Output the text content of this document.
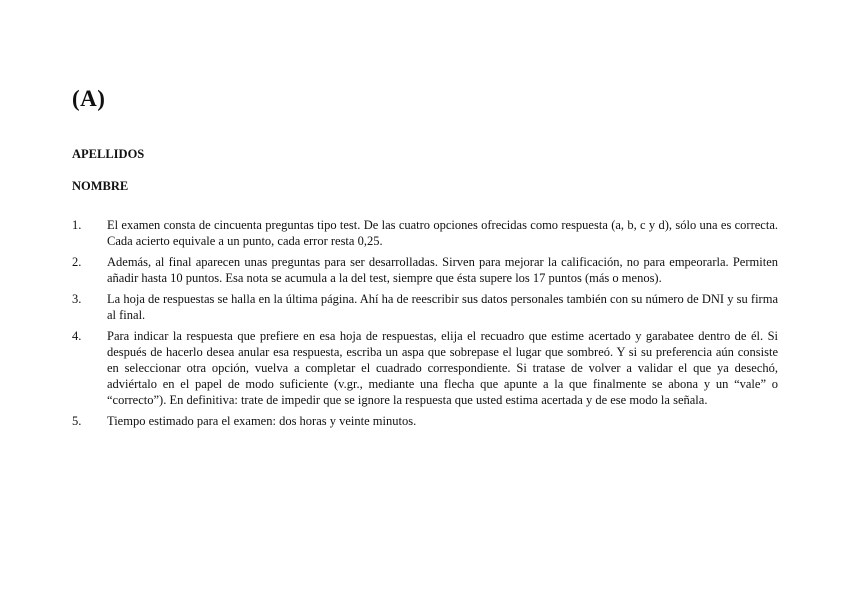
(A)
APELLIDOS
NOMBRE
1.	El examen consta de cincuenta preguntas tipo test. De las cuatro opciones ofrecidas como respuesta (a, b, c y d), sólo una es correcta. Cada acierto equivale a un punto, cada error resta 0,25.
2.	Además, al final aparecen unas preguntas para ser desarrolladas. Sirven para mejorar la calificación, no para empeorarla. Permiten añadir hasta 10 puntos. Esa nota se acumula a la del test, siempre que ésta supere los 17 puntos (más o menos).
3.	La hoja de respuestas se halla en la última página. Ahí ha de reescribir sus datos personales también con su número de DNI y su firma al final.
4.	Para indicar la respuesta que prefiere en esa hoja de respuestas, elija el recuadro que estime acertado y garabatee dentro de él. Si después de hacerlo desea anular esa respuesta, escriba un aspa que sobrepase el lugar que sombreó. Y si su preferencia aún consiste en seleccionar otra opción, vuelva a completar el cuadrado correspondiente. Si tratase de volver a validar el que ya desechó, adviértalo en el papel de modo suficiente (v.gr., mediante una flecha que apunte a la que finalmente se abona y un “vale” o “correcto”). En definitiva: trate de impedir que se ignore la respuesta que usted estima acertada y de ese modo la señala.
5.	Tiempo estimado para el examen: dos horas y veinte minutos.
